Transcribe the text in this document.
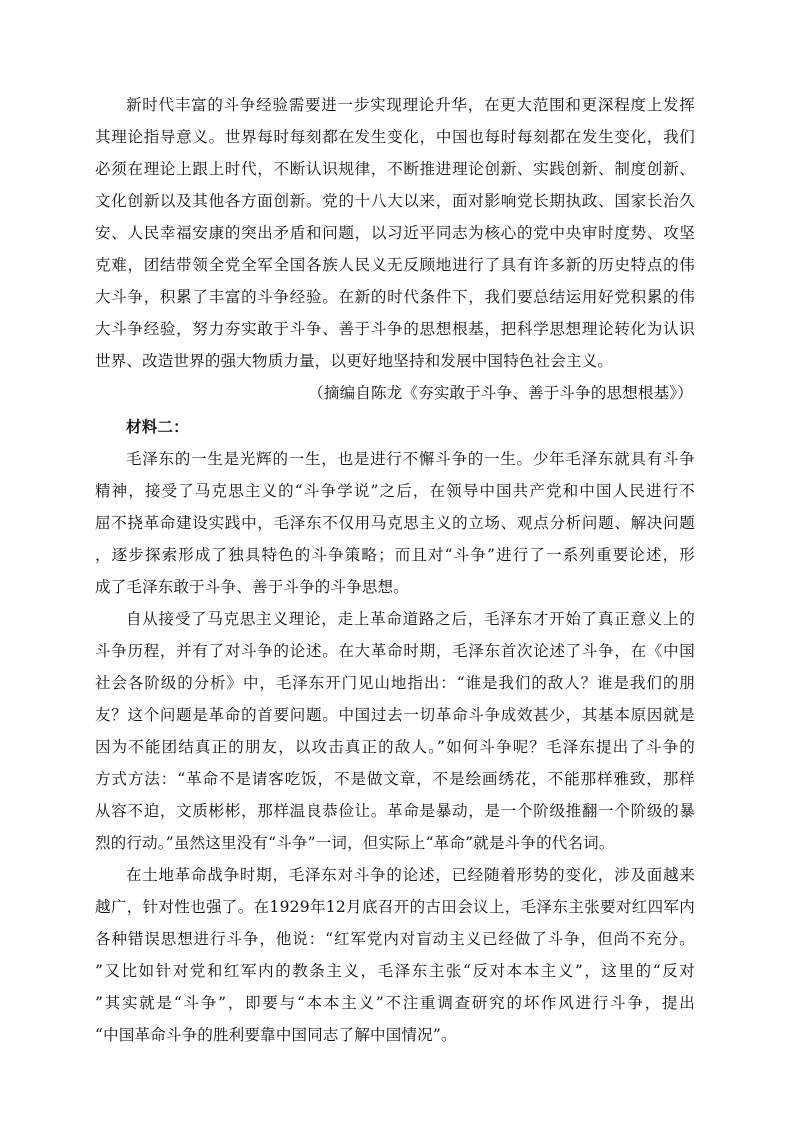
新时代丰富的斗争经验需要进一步实现理论升华，在更大范围和更深程度上发挥

其理论指导意义。世界每时每刻都在发生变化，中国也每时每刻都在发生变化，我们

必须在理论上跟上时代，不断认识规律，不断推进理论创新、实践创新、制度创新、

文化创新以及其他各方面创新。党的十八大以来，面对影响党长期执政、国家长治久

安、人民幸福安康的突出矛盾和问题，以习近平同志为核心的党中央审时度势、攻坚

克难，团结带领全党全军全国各族人民义无反顾地进行了具有许多新的历史特点的伟

大斗争，积累了丰富的斗争经验。在新的时代条件下，我们要总结运用好党积累的伟

大斗争经验，努力夯实敢于斗争、善于斗争的思想根基，把科学思想理论转化为认识

世界、改造世界的强大物质力量，以更好地坚持和发展中国特色社会主义。

（摘编自陈龙《夯实敢于斗争、善于斗争的思想根基》）

材料二：

毛泽东的一生是光辉的一生，也是进行不懈斗争的一生。少年毛泽东就具有斗争

精神，接受了马克思主义的“斗争学说”之后，在领导中国共产党和中国人民进行不

屈不挠革命建设实践中，毛泽东不仅用马克思主义的立场、观点分析问题、解决问题

，逐步探索形成了独具特色的斗争策略；而且对“斗争”进行了一系列重要论述，形

成了毛泽东敢于斗争、善于斗争的斗争思想。

自从接受了马克思主义理论，走上革命道路之后，毛泽东才开始了真正意义上的

斗争历程，并有了对斗争的论述。在大革命时期，毛泽东首次论述了斗争，在《中国

社会各阶级的分析》中，毛泽东开门见山地指出：“谁是我们的敌人？谁是我们的朋

友？这个问题是革命的首要问题。中国过去一切革命斗争成效甚少，其基本原因就是

因为不能团结真正的朋友，以攻击真正的敌人。”如何斗争呢？毛泽东提出了斗争的

方式方法：“革命不是请客吃饭，不是做文章，不是绘画绣花，不能那样雅致，那样

从容不迫，文质彬彬，那样温良恭俭让。革命是暴动，是一个阶级推翻一个阶级的暴

烈的行动。”虽然这里没有“斗争”一词，但实际上“革命”就是斗争的代名词。

在土地革命战争时期，毛泽东对斗争的论述，已经随着形势的变化，涉及面越来

越广，针对性也强了。在1929年12月底召开的古田会议上，毛泽东主张要对红四军内

各种错误思想进行斗争，他说：“红军党内对盲动主义已经做了斗争，但尚不充分。

”又比如针对党和红军内的教条主义，毛泽东主张“反对本本主义”，这里的“反对

”其实就是“斗争”，即要与“本本主义”不注重调查研究的坏作风进行斗争，提出

“中国革命斗争的胜利要靠中国同志了解中国情况”。
